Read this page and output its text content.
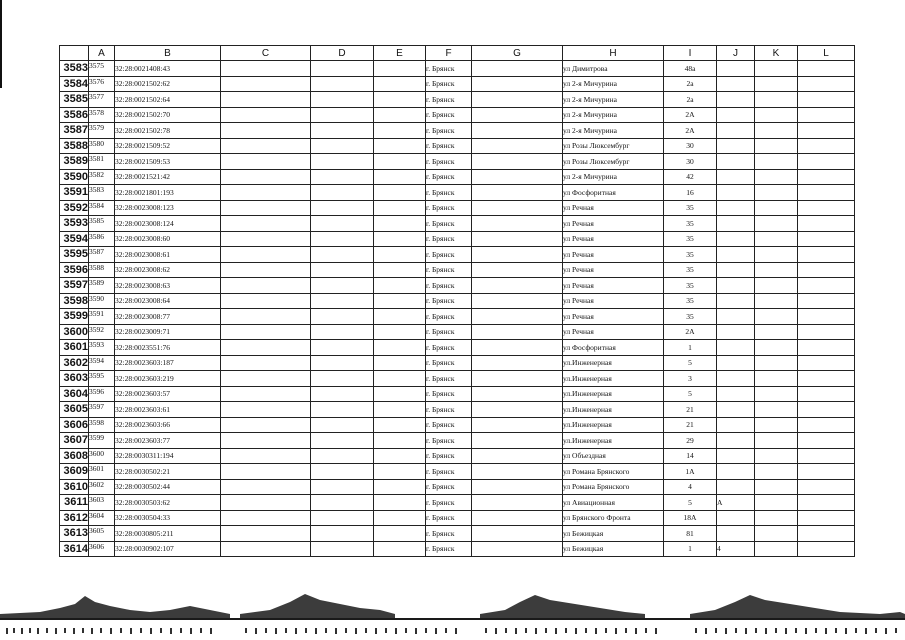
	A	B	C	D	E	F	G	H	I	J	K	L
3583	3575	32:28:0021408:43				г. Брянск		ул Димитрова	48а			
3584	3576	32:28:0021502:62				г. Брянск		ул 2-я Мичурина	2а			
3585	3577	32:28:0021502:64				г. Брянск		ул 2-я Мичурина	2а			
3586	3578	32:28:0021502:70				г. Брянск		ул 2-я Мичурина	2А			
3587	3579	32:28:0021502:78				г. Брянск		ул 2-я Мичурина	2А			
3588	3580	32:28:0021509:52				г. Брянск		ул Розы Люксембург	30			
3589	3581	32:28:0021509:53				г. Брянск		ул Розы Люксембург	30			
3590	3582	32:28:0021521:42				г. Брянск		ул 2-я Мичурина	42			
3591	3583	32:28:0021801:193				г. Брянск		ул Фосфоритная	16			
3592	3584	32:28:0023008:123				г. Брянск		ул Речная	35			
3593	3585	32:28:0023008:124				г. Брянск		ул Речная	35			
3594	3586	32:28:0023008:60				г. Брянск		ул Речная	35			
3595	3587	32:28:0023008:61				г. Брянск		ул Речная	35			
3596	3588	32:28:0023008:62				г. Брянск		ул Речная	35			
3597	3589	32:28:0023008:63				г. Брянск		ул Речная	35			
3598	3590	32:28:0023008:64				г. Брянск		ул Речная	35			
3599	3591	32:28:0023008:77				г. Брянск		ул Речная	35			
3600	3592	32:28:0023009:71				г. Брянск		ул Речная	2А			
3601	3593	32:28:0023551:76				г. Брянск		ул Фосфоритная	1			
3602	3594	32:28:0023603:187				г. Брянск		ул.Инженерная	5			
3603	3595	32:28:0023603:219				г. Брянск		ул.Инженерная	3			
3604	3596	32:28:0023603:57				г. Брянск		ул.Инженерная	5			
3605	3597	32:28:0023603:61				г. Брянск		ул.Инженерная	21			
3606	3598	32:28:0023603:66				г. Брянск		ул.Инженерная	21			
3607	3599	32:28:0023603:77				г. Брянск		ул.Инженерная	29			
3608	3600	32:28:0030311:194				г. Брянск		ул Объездная	14			
3609	3601	32:28:0030502:21				г. Брянск		ул Романа Брянского	1А			
3610	3602	32:28:0030502:44				г. Брянск		ул Романа Брянского	4			
3611	3603	32:28:0030503:62				г. Брянск		ул Авиационная	5	А		
3612	3604	32:28:0030504:33				г. Брянск		ул Брянского Фронта	18А			
3613	3605	32:28:0030805:211				г. Брянск		ул Бежицкая	81			
3614	3606	32:28:0030902:107				г. Брянск		ул Бежицкая	1	4		
